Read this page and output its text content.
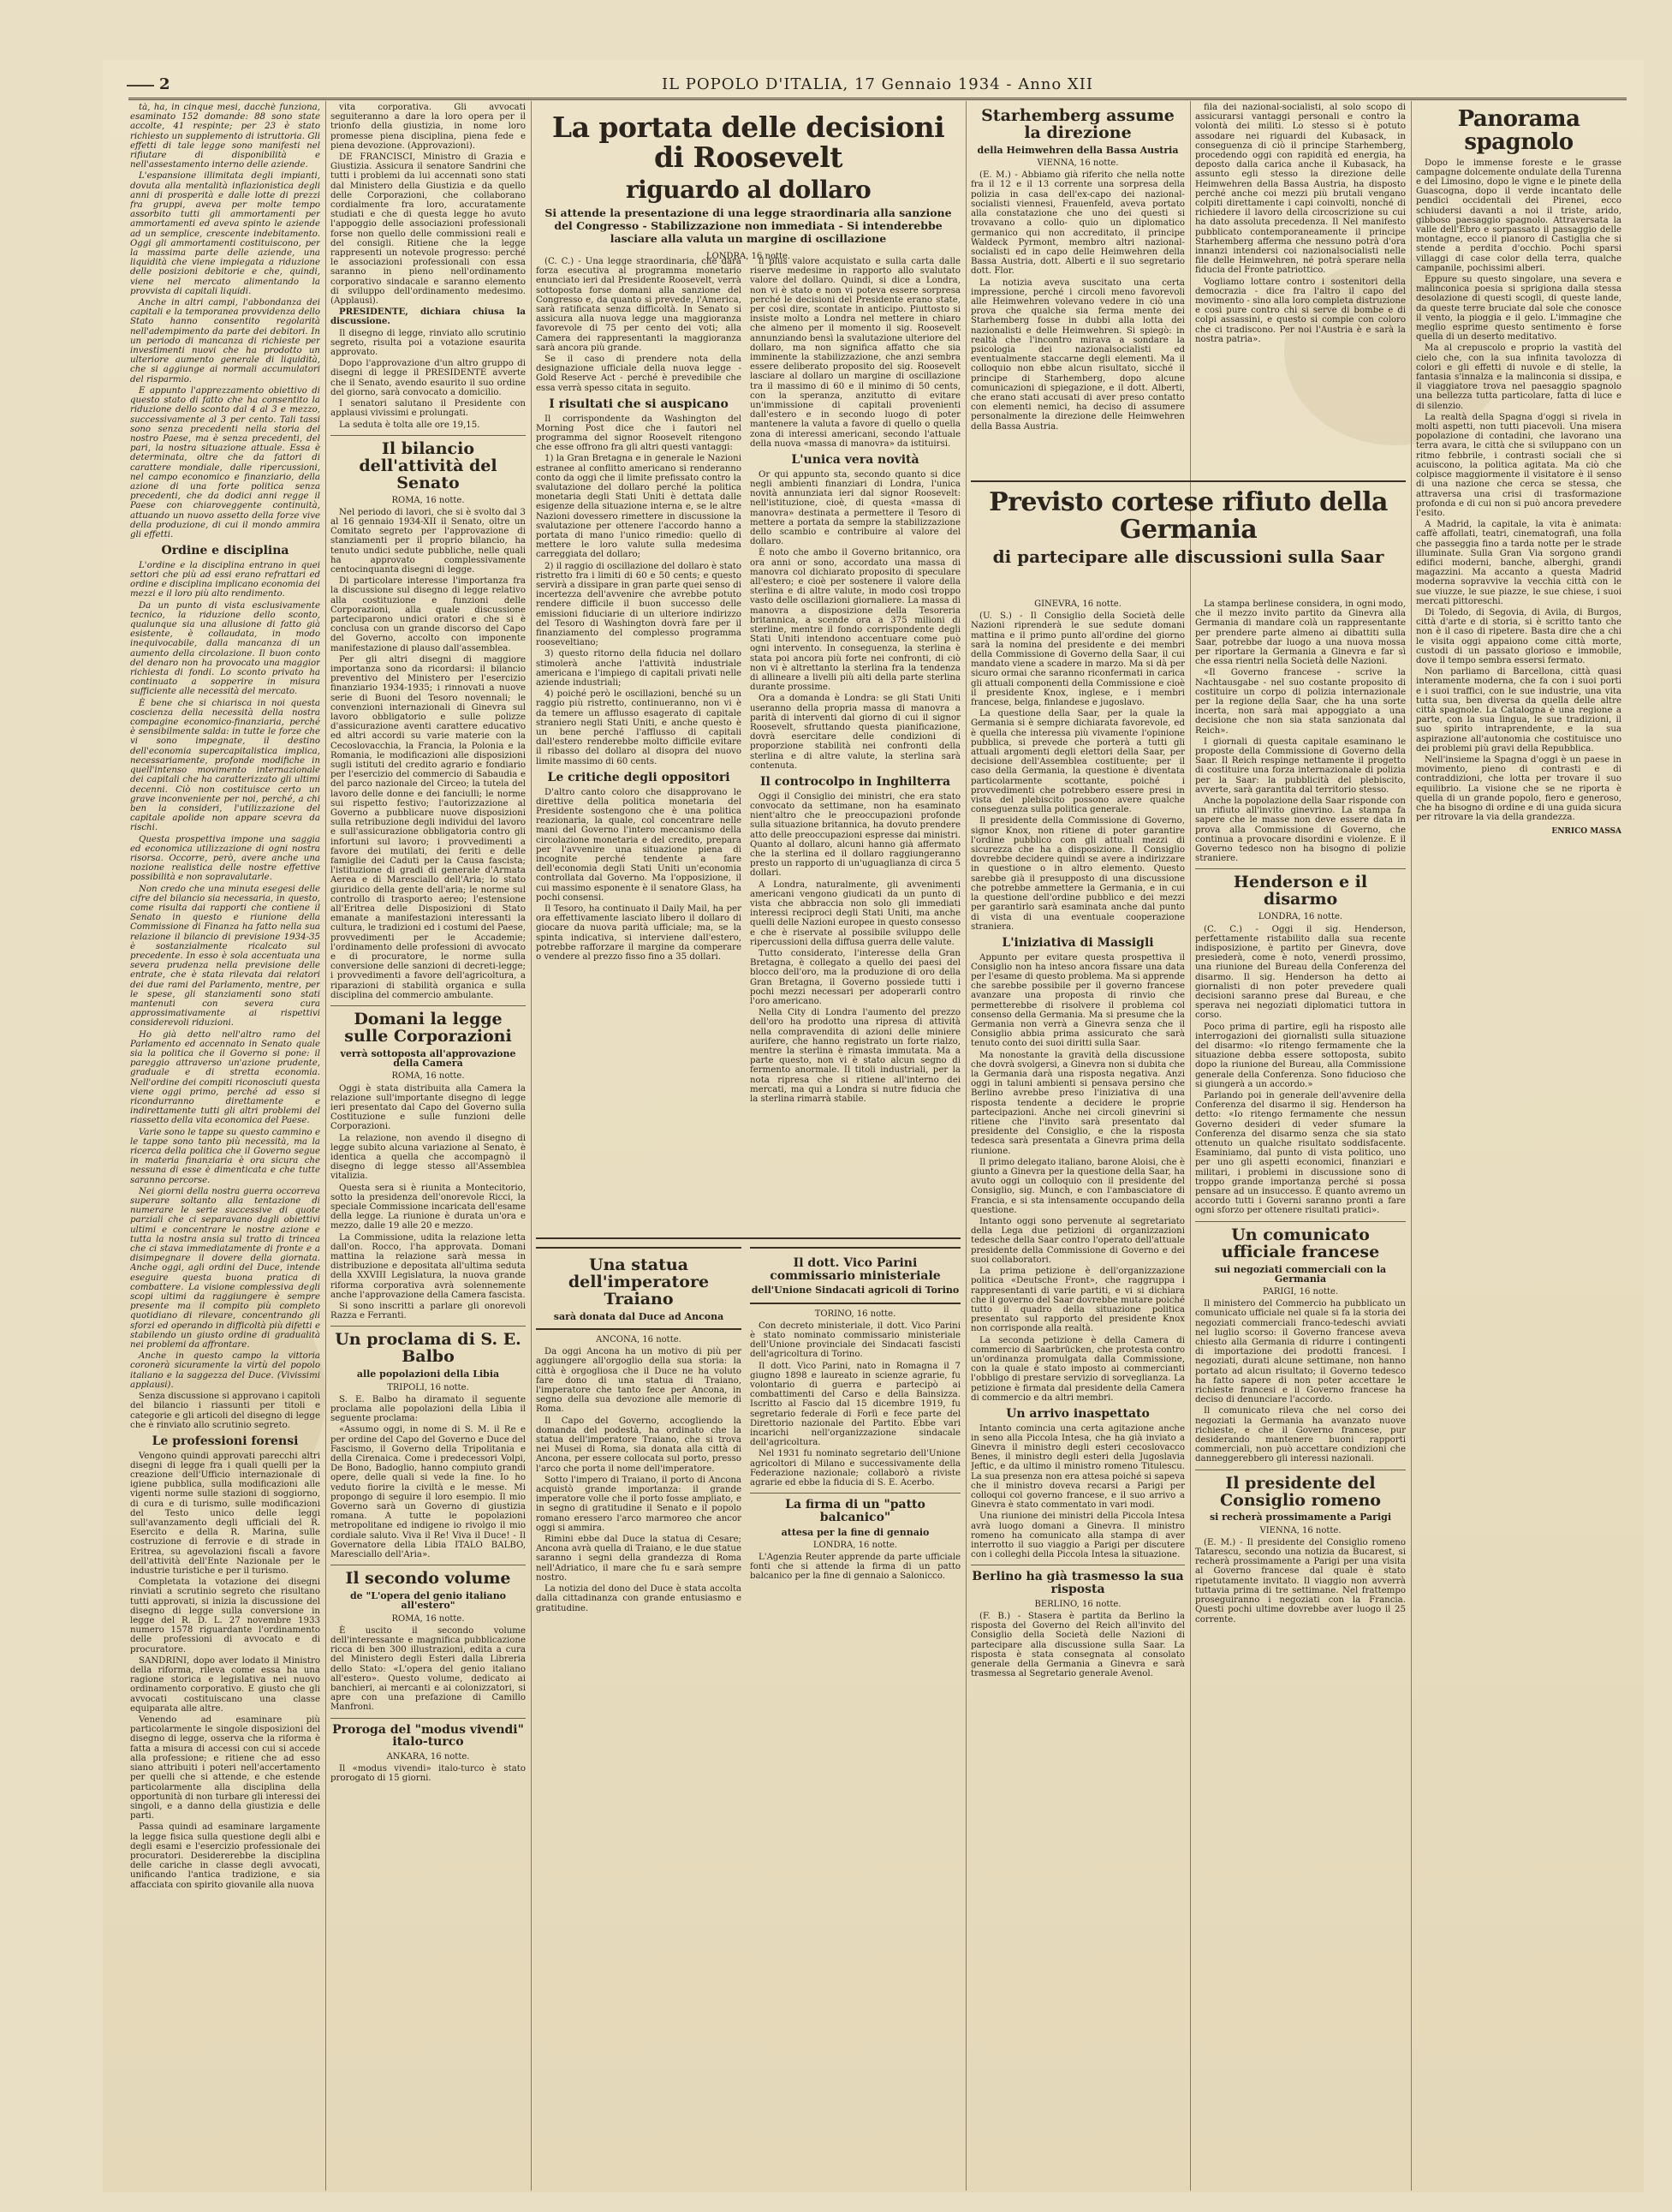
2	IL POPOLO D'ITALIA, 17 Gennaio 1934 - Anno XII

tà, ha, in cinque mesi, dacchè funziona, esaminato 152 domande: 88 sono state accolte, 41 respinte; per 23 è stato richiesto un supplemento di istruttoria. Gli effetti di tale legge sono manifesti nel rifiutare di disponibilità e nell'assestamento interno delle aziende.

L'espansione illimitata degli impianti, dovuta alla mentalità inflazionistica degli anni di prosperità e dalle lotte di prezzi fra gruppi, aveva per molte tempo assorbito tutti gli ammortamenti per ammortamenti ed aveva spinto le aziende ad un semplice, crescente indebitamento. Oggi gli ammortamenti costituiscono, per la massima parte delle aziende, una liquidità che viene impiegata a riduzione delle posizioni debitorie e che, quindi, viene nel mercato alimentando la provvista di capitali liquidi.

Anche in altri campi, l'abbondanza dei capitali e la temporanea provvidenza dello Stato hanno consentito regolarità nell'adempimento da parte dei debitori. In un periodo di mancanza di richieste per investimenti nuovi che ha prodotto un ulteriore aumento generale di liquidità, che si aggiunge ai normali accumulatori del risparmio.

E appunto l'apprezzamento obiettivo di questo stato di fatto che ha consentito la riduzione dello sconto dal 4 al 3 e mezzo, successivamente al 3 per cento. Tali tassi sono senza precedenti nella storia del nostro Paese, ma è senza precedenti, del pari, la nostra situazione attuale. Essa è determinata, oltre che da fattori di carattere mondiale, dalle ripercussioni, nel campo economico e finanziario, della azione di una forte politica senza precedenti, che da dodici anni regge il Paese con chiaroveggente continuità, attuando un nuovo assetto della forze vive della produzione, di cui il mondo ammira gli effetti.

Ordine e disciplina

L'ordine e la disciplina entrano in quei settori che più ad essi erano refrattari ed ordine e disciplina implicano economia dei mezzi e il loro più alto rendimento.

Da un punto di vista esclusivamente tecnico, la riduzione dello sconto, qualunque sia una allusione di fatto già esistente, è collaudata, in modo inequivocabile, dalla mancanza di un aumento della circolazione. Il buon conto del denaro non ha provocato una maggior richiesta di fondi. Lo sconto privato ha continuato a sopperire in misura sufficiente alle necessità del mercato.

È bene che si chiarisca in noi questa coscienza della necessità della nostra compagine economico-finanziaria, perché è sensibilmente salda: in tutte le forze che vi sono impegnate, il destino dell'economia supercapitalistica implica, necessariamente, profonde modifiche in quell'intenso movimento internazionale dei capitali che ha caratterizzato gli ultimi decenni. Ciò non costituisce certo un grave inconveniente per noi, perché, a chi ben la consideri, l'utilizzazione del capitale apolide non appare scevra da rischi.

Questa prospettiva impone una saggia ed economica utilizzazione di ogni nostra risorsa. Occorre, però, avere anche una nozione realistica delle nostre effettive possibilità e non sopravalutarle.

Non credo che una minuta esegesi delle cifre del bilancio sia necessaria, in questo, come risulta dai rapporti che contiene il Senato in questo e riunione della Commissione di Finanza ha fatto nella sua relazione il bilancio di previsione 1934-35 è sostanzialmente ricalcato sul precedente. In esso è sola accentuata una severa prudenza nella previsione delle entrate, che è stata rilevata dai relatori dei due rami del Parlamento, mentre, per le spese, gli stanziamenti sono stati mantenuti con severa cura approssimativamente ai rispettivi considerevoli riduzioni.

Ho già detto nell'altro ramo del Parlamento ed accennato in Senato quale sia la politica che il Governo si pone: il pareggio attraverso un'azione prudente, graduale e di stretta economia. Nell'ordine dei compiti riconosciuti questa viene oggi primo, perché ad esso si ricondurranno direttamente e indirettamente tutti gli altri problemi del riassetto della vita economica del Paese.

Varie sono le tappe su questo cammino e le tappe sono tanto più necessità, ma la ricerca della politica che il Governo segue in materia finanziaria è ora sicura che nessuna di esse è dimenticata e che tutte saranno percorse.

Nei giorni della nostra guerra occorreva superare soltanto alla tentazione di numerare le serie successive di quote parziali che ci separavano dagli obiettivi ultimi e concentrare le nostre azione e tutta la nostra ansia sul tratto di trincea che ci stava immediatamente di fronte e a disimpegnare il dovere della giornata. Anche oggi, agli ordini del Duce, intende eseguire questa buona pratica di combattere. La visione complessiva degli scopi ultimi da raggiungere è sempre presente ma il compito più completo quotidiano di rilevare, concentrando gli sforzi ed operando in difficoltà più difetti e stabilendo un giusto ordine di gradualità nei problemi da affrontare.

Anche in questo campo la vittoria coronerà sicuramente la virtù del popolo italiano e la saggezza del Duce. (Vivissimi applausi).

Senza discussione si approvano i capitoli del bilancio i riassunti per titoli e categorie e gli articoli del disegno di legge che è rinviato allo scrutinio segreto.

Le professioni forensi

Vengono quindi approvati parecchi altri disegni di legge fra i quali quelli per la creazione dell'Ufficio internazionale di igiene pubblica, sulla modificazioni alle vigenti norme sulle stazioni di soggiorno, di cura e di turismo, sulle modificazioni del Testo unico delle leggi sull'avanzamento degli ufficiali del R. Esercito e della R. Marina, sulle costruzione di ferrovie e di strade in Eritrea, su agevolazioni fiscali a favore dell'attività dell'Ente Nazionale per le industrie turistiche e per il turismo.

Completata la votazione dei disegni rinviati a scrutinio segreto che risultano tutti approvati, si inizia la discussione del disegno di legge sulla conversione in legge del R. D. L. 27 novembre 1933 numero 1578 riguardante l'ordinamento delle professioni di avvocato e di procuratore.

SANDRINI, dopo aver lodato il Ministro della riforma, rileva come essa ha una ragione storica e legislativa nei nuovo ordinamento corporativo. E giusto che gli avvocati costituiscano una classe equiparata alle altre.

Venendo ad esaminare più particolarmente le singole disposizioni del disegno di legge, osserva che la riforma è fatta a misura di accessi con cui si accede alla professione; e ritiene che ad esso siano attribuiti i poteri nell'accertamento per quelli che si attende, e che estende particolarmente alla disciplina della opportunità di non turbare gli interessi dei singoli, e a danno della giustizia e delle parti.

Passa quindi ad esaminare largamente la legge fisica sulla questione degli albi e degli esami e l'esercizio professionale dei procuratori. Desidererebbe la disciplina delle cariche in classe degli avvocati, unificando l'antica tradizione, e sia affacciata con spirito giovanile alla nuova

vita corporativa. Gli avvocati seguiteranno a dare la loro opera per il trionfo della giustizia, in nome loro promesse piena disciplina, piena fede e piena devozione. (Approvazioni).

DE FRANCISCI, Ministro di Grazia e Giustizia. Assicura il senatore Sandrini che tutti i problemi da lui accennati sono stati dal Ministero della Giustizia e da quello delle Corporazioni, che collaborano cordialmente fra loro, accuratamente studiati e che di questa legge ho avuto l'appoggio delle associazioni professionali forse non quello delle commissioni reali e del consigli. Ritiene che la legge rappresenti un notevole progresso: perché le associazioni professionali con essa saranno in pieno nell'ordinamento corporativo sindacale e saranno elemento di sviluppo dell'ordinamento medesimo. (Applausi).

PRESIDENTE, dichiara chiusa la discussione.

Il disegno di legge, rinviato allo scrutinio segreto, risulta poi a votazione esaurita approvato.

Dopo l'approvazione d'un altro gruppo di disegni di legge il PRESIDENTE avverte che il Senato, avendo esaurito il suo ordine del giorno, sarà convocato a domicilio.

I senatori salutano il Presidente con applausi vivissimi e prolungati.

La seduta è tolta alle ore 19,15.

Il bilancio dell'attività del Senato
ROMA, 16 notte.

Nel periodo di lavori, che si è svolto dal 3 al 16 gennaio 1934-XII il Senato, oltre un Comitato segreto per l'approvazione di stanziamenti per il proprio bilancio, ha tenuto undici sedute pubbliche, nelle quali ha approvato complessivamente centocinquanta disegni di legge.

Di particolare interesse l'importanza fra la discussione sul disegno di legge relativo alla costituzione e funzioni delle Corporazioni, alla quale discussione parteciparono undici oratori e che si è conclusa con un grande discorso del Capo del Governo, accolto con imponente manifestazione di plauso dall'assemblea.

Per gli altri disegni di maggiore importanza sono da ricordarsi: il bilancio preventivo del Ministero per l'esercizio finanziario 1934-1935; i rinnovati a nuove serie di Buoni del Tesoro novennali; le convenzioni internazionali di Ginevra sul lavoro obbligatorio e sulle polizze d'assicurazione aventi carattere educativo ed altri accordi su varie materie con la Cecoslovacchia, la Francia, la Polonia e la Romania, le modificazioni alle disposizioni sugli istituti del credito agrario e fondiario per l'esercizio del commercio di Sabaudia e del parco nazionale del Circeo; la tutela del lavoro delle donne e dei fanciulli; le norme sui rispetto festivo; l'autorizzazione al Governo a pubblicare nuove disposizioni sulla retribuzione degli individui del lavoro e sull'assicurazione obbligatoria contro gli infortuni sul lavoro; i provvedimenti a favore dei mutilati, dei feriti e delle famiglie dei Caduti per la Causa fascista; l'istituzione di gradi di generale d'Armata Aerea e di Maresciallo dell'Aria; lo stato giuridico della gente dell'aria; le norme sul controllo di trasporto aereo; l'estensione all'Eritrea delle Disposizioni di Stato emanate a manifestazioni interessanti la cultura, le tradizioni ed i costumi del Paese, provvedimenti per le Accademie; l'ordinamento delle professioni di avvocato e di procuratore, le norme sulla conversione delle sanzioni di decreti-legge; i provvedimenti a favore dell'agricoltura, a riparazioni di stabilità organica e sulla disciplina del commercio ambulante.

Domani la legge sulle Corporazioni
verrà sottoposta all'approvazione della Camera
ROMA, 16 notte.

Oggi è stata distribuita alla Camera la relazione sull'importante disegno di legge ieri presentato dal Capo del Governo sulla Costituzione e sulle funzioni delle Corporazioni.

La relazione, non avendo il disegno di legge subito alcuna variazione al Senato, è identica a quella che accompagnò il disegno di legge stesso all'Assemblea vitalizia.

Questa sera si è riunita a Montecitorio, sotto la presidenza dell'onorevole Ricci, la speciale Commissione incaricata dell'esame della legge. La riunione è durata un'ora e mezzo, dalle 19 alle 20 e mezzo.

La Commissione, udita la relazione letta dall'on. Rocco, l'ha approvata. Domani mattina la relazione sarà messa in distribuzione e depositata all'ultima seduta della XXVIII Legislatura, la nuova grande riforma corporativa avrà solennemente anche l'approvazione della Camera fascista.

Si sono inscritti a parlare gli onorevoli Razza e Ferranti.

Un proclama di S. E. Balbo
alle popolazioni della Libia
TRIPOLI, 16 notte.

S. E. Balbo ha diramato il seguente proclama alle popolazioni della Libia il seguente proclama:

«Assumo oggi, in nome di S. M. il Re e per ordine del Capo del Governo e Duce del Fascismo, il Governo della Tripolitania e della Cirenaica. Come i predecessori Volpi, De Bono, Badoglio, hanno compiuto grandi opere, delle quali si vede la fine. Io ho veduto fiorire la civiltà e le messe. Mi propongo di seguire il loro esempio. Il mio Governo sarà un Governo di giustizia romana. A tutte le popolazioni metropolitane ed indigene io rivolgo il mio cordiale saluto. Viva il Re! Viva il Duce! - Il Governatore della Libia ITALO BALBO, Maresciallo dell'Aria».

Il secondo volume
de "L'opera del genio italiano all'estero"
ROMA, 16 notte.

È uscito il secondo volume dell'interessante e magnifica pubblicazione ricca di ben 300 illustrazioni, edita a cura del Ministero degli Esteri dalla Libreria dello Stato: «L'opera del genio italiano all'estero». Questo volume, dedicato ai banchieri, ai mercanti e ai colonizzatori, si apre con una prefazione di Camillo Manfroni.

Proroga del "modus vivendi" italo-turco
ANKARA, 16 notte.

Il «modus vivendi» italo-turco è stato prorogato di 15 giorni.

La portata delle decisioni di Roosevelt
riguardo al dollaro
Si attende la presentazione di una legge straordinaria alla sanzione del Congresso - Stabilizzazione non immediata - Si intenderebbe lasciare alla valuta un margine di oscillazione
LONDRA, 16 notte.

(C. C.) - Una legge straordinaria, che darà forza esecutiva al programma monetario enunciato ieri dal Presidente Roosevelt, verrà sottoposta forse domani alla sanzione del Congresso e, da quanto si prevede, l'America, sarà ratificata senza difficoltà. In Senato si assicura alla nuova legge una maggioranza favorevole di 75 per cento dei voti; alla Camera dei rappresentanti la maggioranza sarà ancora più grande.

Se il caso di prendere nota della designazione ufficiale della nuova legge - Gold Reserve Act - perché è prevedibile che essa verrà spesso citata in seguito.

I risultati che si auspicano

Il corrispondente da Washington del Morning Post dice che i fautori nel programma del signor Roosevelt ritengono che esse offrono fra gli altri questi vantaggi:

1) la Gran Bretagna e in generale le Nazioni estranee al conflitto americano si renderanno conto da oggi che il limite prefissato contro la svalutazione del dollaro perché la politica monetaria degli Stati Uniti è dettata dalle esigenze della situazione interna e, se le altre Nazioni dovessero rimettere in discussione la svalutazione per ottenere l'accordo hanno a portata di mano l'unico rimedio: quello di mettere le loro valute sulla medesima carreggiata del dollaro;

2) il raggio di oscillazione del dollaro è stato ristretto fra i limiti di 60 e 50 cents; e questo servirà a dissipare in gran parte quei senso di incertezza dell'avvenire che avrebbe potuto rendere difficile il buon successo delle emissioni fiduciarie di un ulteriore indirizzo del Tesoro di Washington dovrà fare per il finanziamento del complesso programma rooseveltiano;

3) questo ritorno della fiducia nel dollaro stimolerà anche l'attività industriale americana e l'impiego di capitali privati nelle aziende industriali;

4) poiché però le oscillazioni, benché su un raggio più ristretto, continueranno, non vi è da temere un afflusso esagerato di capitale straniero negli Stati Uniti, e anche questo è un bene perché l'afflusso di capitali dall'estero renderebbe molto difficile evitare il ribasso del dollaro al disopra del nuovo limite massimo di 60 cents.

Le critiche degli oppositori

D'altro canto coloro che disapprovano le direttive della politica monetaria del Presidente sostengono che è una politica reazionaria, la quale, col concentrare nelle mani del Governo l'intero meccanismo della circolazione monetaria e del credito, prepara per l'avvenire una situazione piena di incognite perché tendente a fare dell'economia degli Stati Uniti un'economia controllata dal Governo. Ma l'opposizione, il cui massimo esponente è il senatore Glass, ha pochi consensi.

Il Tesoro, ha continuato il Daily Mail, ha per ora effettivamente lasciato libero il dollaro di giocare da nuova parità ufficiale; ma, se la spinta indicativa, si interviene dall'estero, potrebbe rafforzare il margine da comperare o vendere al prezzo fisso fino a 35 dollari.

il plus valore acquistato e sulla carta dalle riserve medesime in rapporto allo svalutato valore del dollaro. Quindi, si dice a Londra, non vi è stato e non vi poteva essere sorpresa perché le decisioni del Presidente erano state, per così dire, scontate in anticipo. Piuttosto si insiste molto a Londra nel mettere in chiaro che almeno per il momento il sig. Roosevelt annunziando bensì la svalutazione ulteriore del dollaro, ma non significa affatto che sia imminente la stabilizzazione, che anzi sembra essere deliberato proposito del sig. Roosevelt lasciare al dollaro un margine di oscillazione tra il massimo di 60 e il minimo di 50 cents, con la speranza, anzitutto di evitare un'immissione di capitali provenienti dall'estero e in secondo luogo di poter mantenere la valuta a favore di quello o quella zona di interessi americani, secondo l'attuale della nuova «massa di manovra» da istituirsi.

L'unica vera novità

Or qui appunto sta, secondo quanto si dice negli ambienti finanziari di Londra, l'unica novità annunziata ieri dal signor Roosevelt: nell'istituzione, cioè, di questa «massa di manovra» destinata a permettere il Tesoro di mettere a portata da sempre la stabilizzazione dello scambio e contribuire al valore del dollaro.

È noto che ambo il Governo britannico, ora ora anni or sono, accordato una massa di manovra col dichiarato proposito di speculare all'estero; e cioè per sostenere il valore della sterlina e di altre valute, in modo così troppo vasto delle oscillazioni giornaliere. La massa di manovra a disposizione della Tesoreria britannica, a scende ora a 375 milioni di sterline, mentre il fondo corrispondente degli Stati Uniti intendono accentuare come può ogni intervento. In conseguenza, la sterlina è stata poi ancora più forte nei confronti, di ciò non vi è altrettanto la sterlina fra la tendenza di allineare a livelli più alti della parte sterlina durante prossime.

Ora a domanda è Londra: se gli Stati Uniti useranno della propria massa di manovra a parità di interventi dal giorno di cui il signor Roosevelt, sfruttando questa pianificazione, dovrà esercitare delle condizioni di proporzione stabilità nei confronti della sterlina e di altre valute, la sterlina sarà contenuta.

Il controcolpo in Inghilterra

Oggi il Consiglio dei ministri, che era stato convocato da settimane, non ha esaminato nient'altro che le preoccupazioni profonde sulla situazione britannica, ha dovuto prendere atto delle preoccupazioni espresse dai ministri. Quanto al dollaro, alcuni hanno già affermato che la sterlina ed il dollaro raggiungeranno presto un rapporto di un'uguaglianza di circa 5 dollari.

A Londra, naturalmente, gli avvenimenti americani vengono giudicati da un punto di vista che abbraccia non solo gli immediati interessi reciproci degli Stati Uniti, ma anche quelli delle Nazioni europee in questo consesso e che è riservate al possibile sviluppo delle ripercussioni della diffusa guerra delle valute.

Tutto considerato, l'interesse della Gran Bretagna, è collegato a quello dei paesi del blocco dell'oro, ma la produzione di oro della Gran Bretagna, il Governo possiede tutti i pochi mezzi necessari per adoperarli contro l'oro americano.

Nella City di Londra l'aumento del prezzo dell'oro ha prodotto una ripresa di attività nella compravendita di azioni delle miniere aurifere, che hanno registrato un forte rialzo, mentre la sterlina è rimasta immutata. Ma a parte questo, non vi è stato alcun segno di fermento anormale. Il titoli industriali, per la nota ripresa che si ritiene all'interno dei mercati, ma qui a Londra si nutre fiducia che la sterlina rimarrà stabile.

Una statua dell'imperatore Traiano
sarà donata dal Duce ad Ancona
ANCONA, 16 notte.

Da oggi Ancona ha un motivo di più per aggiungere all'orgoglio della sua storia: la città è orgogliosa che il Duce ne ha voluto fare dono di una statua di Traiano, l'imperatore che tanto fece per Ancona, in segno della sua devozione alle memorie di Roma.

Il Capo del Governo, accogliendo la domanda del podestà, ha ordinato che la statua dell'imperatore Traiano, che si trova nei Musei di Roma, sia donata alla città di Ancona, per essere collocata sul porto, presso l'arco che porta il nome dell'imperatore.

Sotto l'impero di Traiano, il porto di Ancona acquistò grande importanza: il grande imperatore volle che il porto fosse ampliato, e in segno di gratitudine il Senato e il popolo romano eressero l'arco marmoreo che ancor oggi si ammira.

Rimini ebbe dal Duce la statua di Cesare; Ancona avrà quella di Traiano, e le due statue saranno i segni della grandezza di Roma nell'Adriatico, il mare che fu e sarà sempre nostro.

La notizia del dono del Duce è stata accolta dalla cittadinanza con grande entusiasmo e gratitudine.

Il dott. Vico Parini commissario ministeriale
dell'Unione Sindacati agricoli di Torino
TORINO, 16 notte.

Con decreto ministeriale, il dott. Vico Parini è stato nominato commissario ministeriale dell'Unione provinciale dei Sindacati fascisti dell'agricoltura di Torino.

Il dott. Vico Parini, nato in Romagna il 7 giugno 1898 e laureato in scienze agrarie, fu volontario di guerra e partecipò ai combattimenti del Carso e della Bainsizza. Iscritto al Fascio dal 15 dicembre 1919, fu segretario federale di Forlì e fece parte del Direttorio nazionale del Partito. Ebbe vari incarichi nell'organizzazione sindacale dell'agricoltura.

Nel 1931 fu nominato segretario dell'Unione agricoltori di Milano e successivamente della Federazione nazionale; collaborò a riviste agrarie ed ebbe la fiducia di S. E. Acerbo.

La firma di un "patto balcanico"
attesa per la fine di gennaio
LONDRA, 16 notte.

L'Agenzia Reuter apprende da parte ufficiale fonti che si attende la firma di un patto balcanico per la fine di gennaio a Salonicco.

Starhemberg assume la direzione
della Heimwehren della Bassa Austria
VIENNA, 16 notte.

(E. M.) - Abbiamo già riferito che nella notte fra il 12 e il 13 corrente una sorpresa della polizia in casa dell'ex-capo dei nazional-socialisti viennesi, Frauenfeld, aveva portato alla constatazione che uno dei questi si trovavano a collo- quio un diplomatico germanico qui non accreditato, il principe Waldeck Pyrmont, membro altri nazional-socialisti ed in capo delle Heimwehren della Bassa Austria, dott. Alberti e il suo segretario dott. Flor.

La notizia aveva suscitato una certa impressione, perché i circoli meno favorevoli alle Heimwehren volevano vedere in ciò una prova che qualche sia ferma mente dei Starhemberg fosse in dubbi alla lotta dei nazionalisti e delle Heimwehren. Si spiegò: in realtà che l'incontro mirava a sondare la psicologia dei nazionalsocialisti ed eventualmente staccarne degli elementi. Ma il colloquio non ebbe alcun risultato, sicché il principe di Starhemberg, dopo alcune comunicazioni di spiegazione, e il dott. Alberti, che erano stati accusati di aver preso contatto con elementi nemici, ha deciso di assumere personalmente la direzione delle Heimwehren della Bassa Austria.

fila dei nazional-socialisti, al solo scopo di assicurarsi vantaggi personali e contro la volontà dei militi. Lo stesso si è potuto assodare nei riguardi del Kubasack, in conseguenza di ciò il principe Starhemberg, procedendo oggi con rapidità ed energia, ha deposto dalla carica anche il Kubasack, ha assunto egli stesso la direzione delle Heimwehren della Bassa Austria, ha disposto perché anche coi mezzi più brutali vengano colpiti direttamente i capi coinvolti, nonché di richiedere il lavoro della circoscrizione su cui ha dato assoluta precedenza. Il Nel manifesto pubblicato contemporaneamente il principe Starhemberg afferma che nessuno potrà d'ora innanzi intendersi coi nazionalsocialisti nelle file delle Heimwehren, né potrà sperare nella fiducia del Fronte patriottico.

Vogliamo lottare contro i sostenitori della democrazia - dice fra l'altro il capo del movimento - sino alla loro completa distruzione e così pure contro chi si serve di bombe e di colpi assassini, e questo si compie con coloro che ci tradiscono. Per noi l'Austria è e sarà la nostra patria».

Previsto cortese rifiuto della Germania
di partecipare alle discussioni sulla Saar
GINEVRA, 16 notte.

(U. S.) - Il Consiglio della Società delle Nazioni riprenderà le sue sedute domani mattina e il primo punto all'ordine del giorno sarà la nomina del presidente e dei membri della Commissione di Governo della Saar, il cui mandato viene a scadere in marzo. Ma si dà per sicuro ormai che saranno riconfermati in carica gli attuali componenti della Commissione e cioè il presidente Knox, inglese, e i membri francese, belga, finlandese e jugoslavo.

La questione della Saar, per la quale la Germania si è sempre dichiarata favorevole, ed è quella che interessa più vivamente l'opinione pubblica, si prevede che porterà a tutti gli attuali argomenti degli elettori della Saar, per decisione dell'Assemblea costituente; per il caso della Germania, la questione è diventata particolarmente scottante, poiché i provvedimenti che potrebbero essere presi in vista del plebiscito possono avere qualche conseguenza sulla politica generale.

Il presidente della Commissione di Governo, signor Knox, non ritiene di poter garantire l'ordine pubblico con gli attuali mezzi di sicurezza che ha a disposizione. Il Consiglio dovrebbe decidere quindi se avere a indirizzare in questione o in altro elemento. Questo sarebbe già il presupposto di una discussione che potrebbe ammettere la Germania, e in cui la questione dell'ordine pubblico e dei mezzi per garantirlo sarà esaminata anche dal punto di vista di una eventuale cooperazione straniera.

L'iniziativa di Massigli

Appunto per evitare questa prospettiva il Consiglio non ha inteso ancora fissare una data per l'esame di questo problema. Ma si apprende che sarebbe possibile per il governo francese avanzare una proposta di rinvio che permetterebbe di risolvere il problema col consenso della Germania. Ma si presume che la Germania non verrà a Ginevra senza che il Consiglio abbia prima assicurato che sarà tenuto conto dei suoi diritti sulla Saar.

Ma nonostante la gravità della discussione che dovrà svolgersi, a Ginevra non si dubita che la Germania darà una risposta negativa. Anzi oggi in taluni ambienti si pensava persino che Berlino avrebbe preso l'iniziativa di una risposta tendente a decidere le proprie partecipazioni. Anche nei circoli ginevrini si ritiene che l'invito sarà presentato dal presidente del Consiglio, e che la risposta tedesca sarà presentata a Ginevra prima della riunione.

Il primo delegato italiano, barone Aloisi, che è giunto a Ginevra per la questione della Saar, ha avuto oggi un colloquio con il presidente del Consiglio, sig. Munch, e con l'ambasciatore di Francia, e si sta intensamente occupando della questione.

Intanto oggi sono pervenute al segretariato della Lega due petizioni di organizzazioni tedesche della Saar contro l'operato dell'attuale presidente della Commissione di Governo e dei suoi collaboratori.

La prima petizione è dell'organizzazione politica «Deutsche Front», che raggruppa i rappresentanti di varie partiti, e vi si dichiara che il governo del Saar dovrebbe mutare poiché tutto il quadro della situazione politica presentato sul rapporto del presidente Knox non corrisponde alla realtà.

La seconda petizione è della Camera di commercio di Saarbrücken, che protesta contro un'ordinanza promulgata dalla Commissione, con la quale è stato imposto ai commercianti l'obbligo di prestare servizio di sorveglianza. La petizione è firmata dal presidente della Camera di commercio e da altri membri.

Un arrivo inaspettato

Intanto comincia una certa agitazione anche in seno alla Piccola Intesa, che ha già inviato a Ginevra il ministro degli esteri cecoslovacco Benes, il ministro degli esteri della Jugoslavia Jeftic, e da ultimo il ministro romeno Titulescu. La sua presenza non era attesa poiché si sapeva che il ministro doveva recarsi a Parigi per colloqui col governo francese, e il suo arrivo a Ginevra è stato commentato in vari modi.

Una riunione dei ministri della Piccola Intesa avrà luogo domani a Ginevra. Il ministro romeno ha comunicato alla stampa di aver interrotto il suo viaggio a Parigi per discutere con i colleghi della Piccola Intesa la situazione.

Berlino ha già trasmesso la sua risposta
BERLINO, 16 notte.

(F. B.) - Stasera è partita da Berlino la risposta del Governo del Reich all'invito del Consiglio della Società delle Nazioni di partecipare alla discussione sulla Saar. La risposta è stata consegnata al consolato generale della Germania a Ginevra e sarà trasmessa al Segretario generale Avenol.

La stampa berlinese considera, in ogni modo, che il mezzo invito partito da Ginevra alla Germania di mandare colà un rappresentante per prendere parte almeno ai dibattiti sulla Saar, potrebbe dar luogo a una nuova mossa per riportare la Germania a Ginevra e far sì che essa rientri nella Società delle Nazioni.

«Il Governo francese - scrive la Nachtausgabe - nel suo costante proposito di costituire un corpo di polizia internazionale per la regione della Saar, che ha una sorte incerta, non sarà mai appoggiato a una decisione che non sia stata sanzionata dal Reich».

I giornali di questa capitale esaminano le proposte della Commissione di Governo della Saar. Il Reich respinge nettamente il progetto di costituire una forza internazionale di polizia per la Saar: la pubblicità del plebiscito, avverte, sarà garantita dal territorio stesso.

Anche la popolazione della Saar risponde con un rifiuto all'invito ginevrino. La stampa fa sapere che le masse non deve essere data in prova alla Commissione di Governo, che continua a provocare disordini e violenze. E il Governo tedesco non ha bisogno di polizie straniere.

Henderson e il disarmo
LONDRA, 16 notte.

(C. C.) - Oggi il sig. Henderson, perfettamente ristabilito dalla sua recente indisposizione, è partito per Ginevra, dove presiederà, come è noto, venerdì prossimo, una riunione del Bureau della Conferenza del disarmo. Il sig. Henderson ha detto ai giornalisti di non poter prevedere quali decisioni saranno prese dal Bureau, e che sperava nei negoziati diplomatici tuttora in corso.

Poco prima di partire, egli ha risposto alle interrogazioni dei giornalisti sulla situazione del disarmo: «Io ritengo fermamente che la situazione debba essere sottoposta, subito dopo la riunione del Bureau, alla Commissione generale della Conferenza. Sono fiducioso che si giungerà a un accordo.»

Parlando poi in generale dell'avvenire della Conferenza del disarmo il sig. Henderson ha detto: «Io ritengo fermamente che nessun Governo desideri di veder sfumare la Conferenza del disarmo senza che sia stato ottenuto un qualche risultato soddisfacente. Esaminiamo, dal punto di vista politico, uno per uno gli aspetti economici, finanziari e militari, i problemi in discussione sono di troppo grande importanza perché si possa pensare ad un insuccesso. È quanto avremo un accordo tutti i Governi saranno pronti a fare ogni sforzo per ottenere risultati pratici».

Un comunicato ufficiale francese
sui negoziati commerciali con la Germania
PARIGI, 16 notte.

Il ministero del Commercio ha pubblicato un comunicato ufficiale nel quale si fa la storia dei negoziati commerciali franco-tedeschi avviati nel luglio scorso: il Governo francese aveva chiesto alla Germania di ridurre i contingenti di importazione dei prodotti francesi. I negoziati, durati alcune settimane, non hanno portato ad alcun risultato; il Governo tedesco ha fatto sapere di non poter accettare le richieste francesi e il Governo francese ha deciso di denunciare l'accordo.

Il comunicato rileva che nel corso dei negoziati la Germania ha avanzato nuove richieste, e che il Governo francese, pur desiderando mantenere buoni rapporti commerciali, non può accettare condizioni che danneggerebbero gli interessi nazionali.

Il presidente del Consiglio romeno
si recherà prossimamente a Parigi
VIENNA, 16 notte.

(E. M.) - Il presidente del Consiglio romeno Tatarescu, secondo una notizia da Bucarest, si recherà prossimamente a Parigi per una visita al Governo francese dal quale è stato ripetutamente invitato. Il viaggio non avverrà tuttavia prima di tre settimane. Nel frattempo proseguiranno i negoziati con la Francia. Questi pochi ultime dovrebbe aver luogo il 25 corrente.

Panorama spagnolo

Dopo le immense foreste e le grasse campagne dolcemente ondulate della Turenna e del Limosino, dopo le vigne e le pinete della Guascogna, dopo il verde incantato delle pendici occidentali dei Pirenei, ecco schiudersi davanti a noi il triste, arido, gibboso paesaggio spagnolo. Attraversata la valle dell'Ebro e sorpassato il passaggio delle montagne, ecco il pianoro di Castiglia che si stende a perdita d'occhio. Pochi sparsi villaggi di case color della terra, qualche campanile, pochissimi alberi.

Eppure su questo singolare, una severa e malinconica poesia si sprigiona dalla stessa desolazione di questi scogli, di queste lande, da queste terre bruciate dal sole che conosce il vento, la pioggia e il gelo. L'immagine che meglio esprime questo sentimento è forse quella di un deserto meditativo.

Ma al crepuscolo e proprio la vastità del cielo che, con la sua infinita tavolozza di colori e gli effetti di nuvole e di stelle, la fantasia s'innalza e la malinconia si dissipa, e il viaggiatore trova nel paesaggio spagnolo una bellezza tutta particolare, fatta di luce e di silenzio.

La realtà della Spagna d'oggi si rivela in molti aspetti, non tutti piacevoli. Una misera popolazione di contadini, che lavorano una terra avara, le città che si sviluppano con un ritmo febbrile, i contrasti sociali che si acuiscono, la politica agitata. Ma ciò che colpisce maggiormente il visitatore è il senso di una nazione che cerca se stessa, che attraversa una crisi di trasformazione profonda e di cui non si può ancora prevedere l'esito.

A Madrid, la capitale, la vita è animata: caffè affollati, teatri, cinematografi, una folla che passeggia fino a tarda notte per le strade illuminate. Sulla Gran Via sorgono grandi edifici moderni, banche, alberghi, grandi magazzini. Ma accanto a questa Madrid moderna sopravvive la vecchia città con le sue viuzze, le sue piazze, le sue chiese, i suoi mercati pittoreschi.

Di Toledo, di Segovia, di Avila, di Burgos, città d'arte e di storia, si è scritto tanto che non è il caso di ripetere. Basta dire che a chi le visita oggi appaiono come città morte, custodi di un passato glorioso e immobile, dove il tempo sembra essersi fermato.

Non parliamo di Barcellona, città quasi interamente moderna, che fa con i suoi porti e i suoi traffici, con le sue industrie, una vita tutta sua, ben diversa da quella delle altre città spagnole. La Catalogna è una regione a parte, con la sua lingua, le sue tradizioni, il suo spirito intraprendente, e la sua aspirazione all'autonomia che costituisce uno dei problemi più gravi della Repubblica.

Nell'insieme la Spagna d'oggi è un paese in movimento, pieno di contrasti e di contraddizioni, che lotta per trovare il suo equilibrio. La visione che se ne riporta è quella di un grande popolo, fiero e generoso, che ha bisogno di ordine e di una guida sicura per ritrovare la via della grandezza.

ENRICO MASSA
